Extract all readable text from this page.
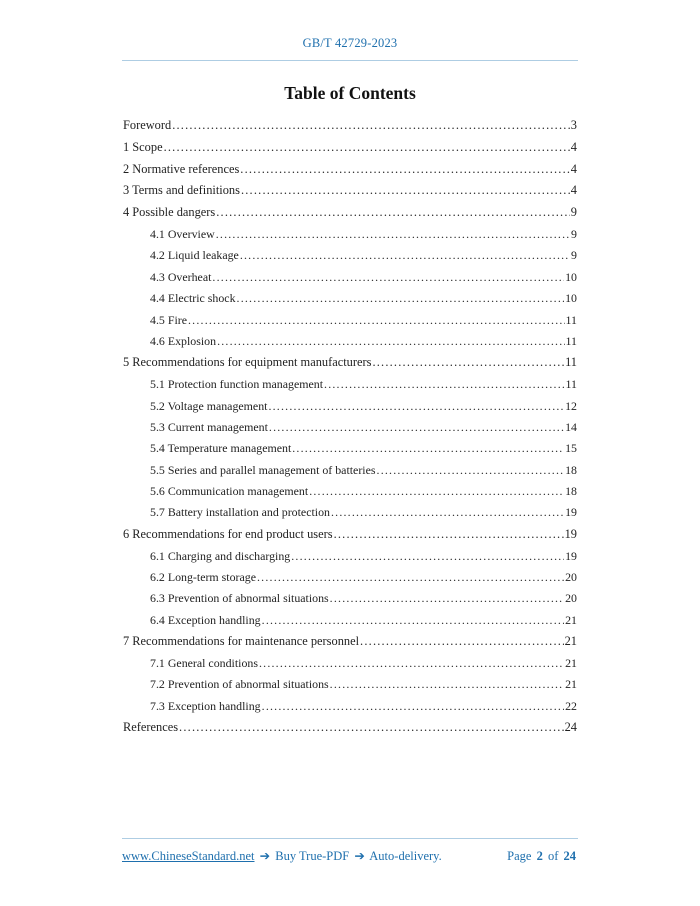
GB/T 42729-2023
Table of Contents
Foreword .....	3
1 Scope .....	4
2 Normative references .....	4
3 Terms and definitions .....	4
4 Possible dangers .....	9
4.1 Overview .....	9
4.2 Liquid leakage .....	9
4.3 Overheat .....	10
4.4 Electric shock .....	10
4.5 Fire .....	11
4.6 Explosion .....	11
5 Recommendations for equipment manufacturers .....	11
5.1 Protection function management .....	11
5.2 Voltage management .....	12
5.3 Current management .....	14
5.4 Temperature management .....	15
5.5 Series and parallel management of batteries .....	18
5.6 Communication management .....	18
5.7 Battery installation and protection .....	19
6 Recommendations for end product users .....	19
6.1 Charging and discharging .....	19
6.2 Long-term storage .....	20
6.3 Prevention of abnormal situations .....	20
6.4 Exception handling .....	21
7 Recommendations for maintenance personnel .....	21
7.1 General conditions .....	21
7.2 Prevention of abnormal situations .....	21
7.3 Exception handling .....	22
References .....	24
www.ChineseStandard.net ➔ Buy True-PDF ➔ Auto-delivery.	Page 2 of 24
